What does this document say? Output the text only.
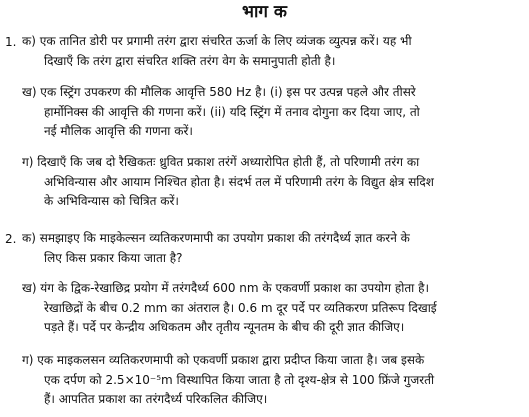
भाग क
1. क) एक तानित डोरी पर प्रगामी तरंग द्वारा संचरित ऊर्जा के लिए व्यंजक व्युत्पन्न करें। यह भी
दिखाएँ कि तरंग द्वारा संचरित शक्ति तरंग वेग के समानुपाती होती है।
ख) एक स्ट्रिंग उपकरण की मौलिक आवृत्ति 580 Hz है। (i) इस पर उत्पन्न पहले और तीसरे
हार्मोनिक्स की आवृत्ति की गणना करें। (ii) यदि स्ट्रिंग में तनाव दोगुना कर दिया जाए, तो
नई मौलिक आवृत्ति की गणना करें।
ग) दिखाएँ कि जब दो रैखिकतः ध्रुवित प्रकाश तरंगें अध्यारोपित होती हैं, तो परिणामी तरंग का
अभिविन्यास और आयाम निश्चित होता है। संदर्भ तल में परिणामी तरंग के विद्युत क्षेत्र सदिश
के अभिविन्यास को चित्रित करें।
2. क) समझाइए कि माइकेल्सन व्यतिकरणमापी का उपयोग प्रकाश की तरंगदैर्ध्य ज्ञात करने के
लिए किस प्रकार किया जाता है?
ख) यंग के द्विक-रेखाछिद्र प्रयोग में तरंगदैर्ध्य 600 nm के एकवर्णी प्रकाश का उपयोग होता है।
रेखाछिद्रों के बीच 0.2 mm का अंतराल है। 0.6 m दूर पर्दे पर व्यतिकरण प्रतिरूप दिखाई
पड़ते हैं। पर्दे पर केन्द्रीय अधिकतम और तृतीय न्यूनतम के बीच की दूरी ज्ञात कीजिए।
ग) एक माइकलसन व्यतिकरणमापी को एकवर्णी प्रकाश द्वारा प्रदीप्त किया जाता है। जब इसके
एक दर्पण को 2.5×10⁻⁵m विस्थापित किया जाता है तो दृश्य-क्षेत्र से 100 फ्रिंजे गुजरती
हैं। आपतित प्रकाश का तरंगदैर्ध्य परिकलित कीजिए।
